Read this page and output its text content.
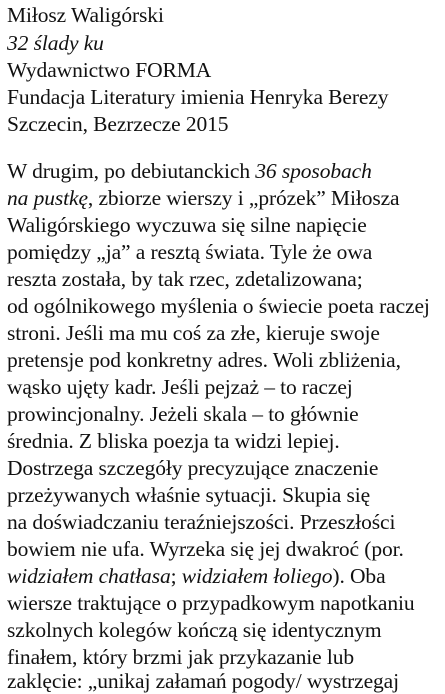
Miłosz Waligórski
32 ślady ku
Wydawnictwo FORMA
Fundacja Literatury imienia Henryka Berezy
Szczecin, Bezrzecze 2015
W drugim, po debiutanckich 36 sposobach
na pustkę, zbiorze wierszy i „prózek” Miłosza
Waligórskiego wyczuwa się silne napięcie
pomiędzy „ja” a resztą świata. Tyle że owa
reszta została, by tak rzec, zdetalizowana;
od ogólnikowego myślenia o świecie poeta raczej
stroni. Jeśli ma mu coś za złe, kieruje swoje
pretensje pod konkretny adres. Woli zbliżenia,
wąsko ujęty kadr. Jeśli pejzaż – to raczej
prowincjonalny. Jeżeli skala – to głównie
średnia. Z bliska poezja ta widzi lepiej.
Dostrzega szczegóły precyzujące znaczenie
przeżywanych właśnie sytuacji. Skupia się
na doświadczaniu teraźniejszości. Przeszłości
bowiem nie ufa. Wyrzeka się jej dwakroć (por.
widziałem chatłasa; widziałem łoliego). Oba
wiersze traktujące o przypadkowym napotkaniu
szkolnych kolegów kończą się identycznym
finałem, który brzmi jak przykazanie lub
zaklęcie: „unikaj załamań pogody/ wystrzegaj
